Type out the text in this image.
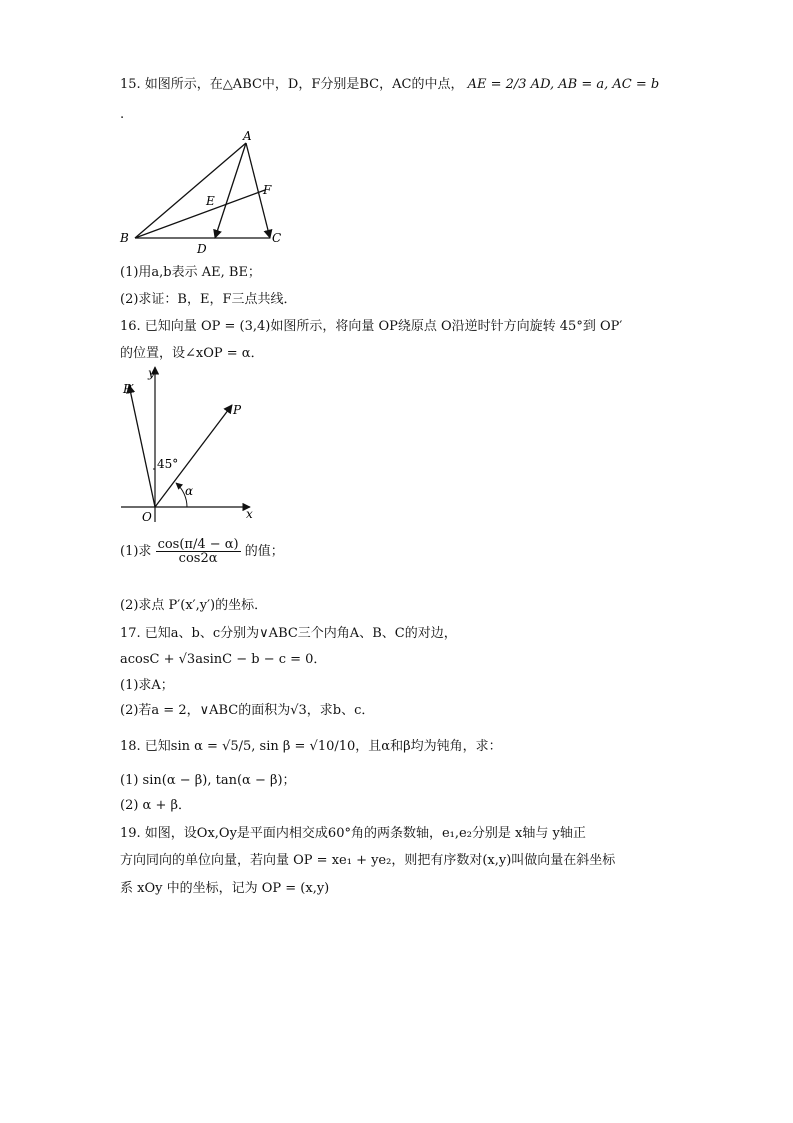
15. 如图所示，在△ABC中，D，F分别是BC，AC的中点， AE = 2/3 AD, AB = a, AC = b
.
A
B	C
D
E
F
(1)用a,b表示 AE, BE；
(2)求证：B，E，F三点共线．
16. 已知向量 OP = (3,4)如图所示，将向量 OP绕原点 O沿逆时针方向旋转 45°到 OP′
的位置，设∠xOP = α．
y
x
O
P
P′
45°
α
(1)求 $\frac{\cos(\pi/4 - \alpha)}{\cos 2\alpha}$ 的值；
(2)求点 P′(x′,y′)的坐标．
17. 已知a、b、c分别为∨ABC三个内角A、B、C的对边，
acosC + √3asinC − b − c = 0．
(1)求A；
(2)若a = 2，∨ABC的面积为√3，求b、c．
18. 已知sin α = √5/5, sin β = √10/10，且α和β均为钝角，求：
(1) sin(α − β), tan(α − β)；
(2) α + β．
19. 如图，设Ox,Oy是平面内相交成60°角的两条数轴，e₁,e₂分别是 x轴与 y轴正
方向同向的单位向量，若向量 OP = xe₁ + ye₂，则把有序数对(x,y)叫做向量在斜坐标
系 xOy 中的坐标，记为 OP = (x,y)
